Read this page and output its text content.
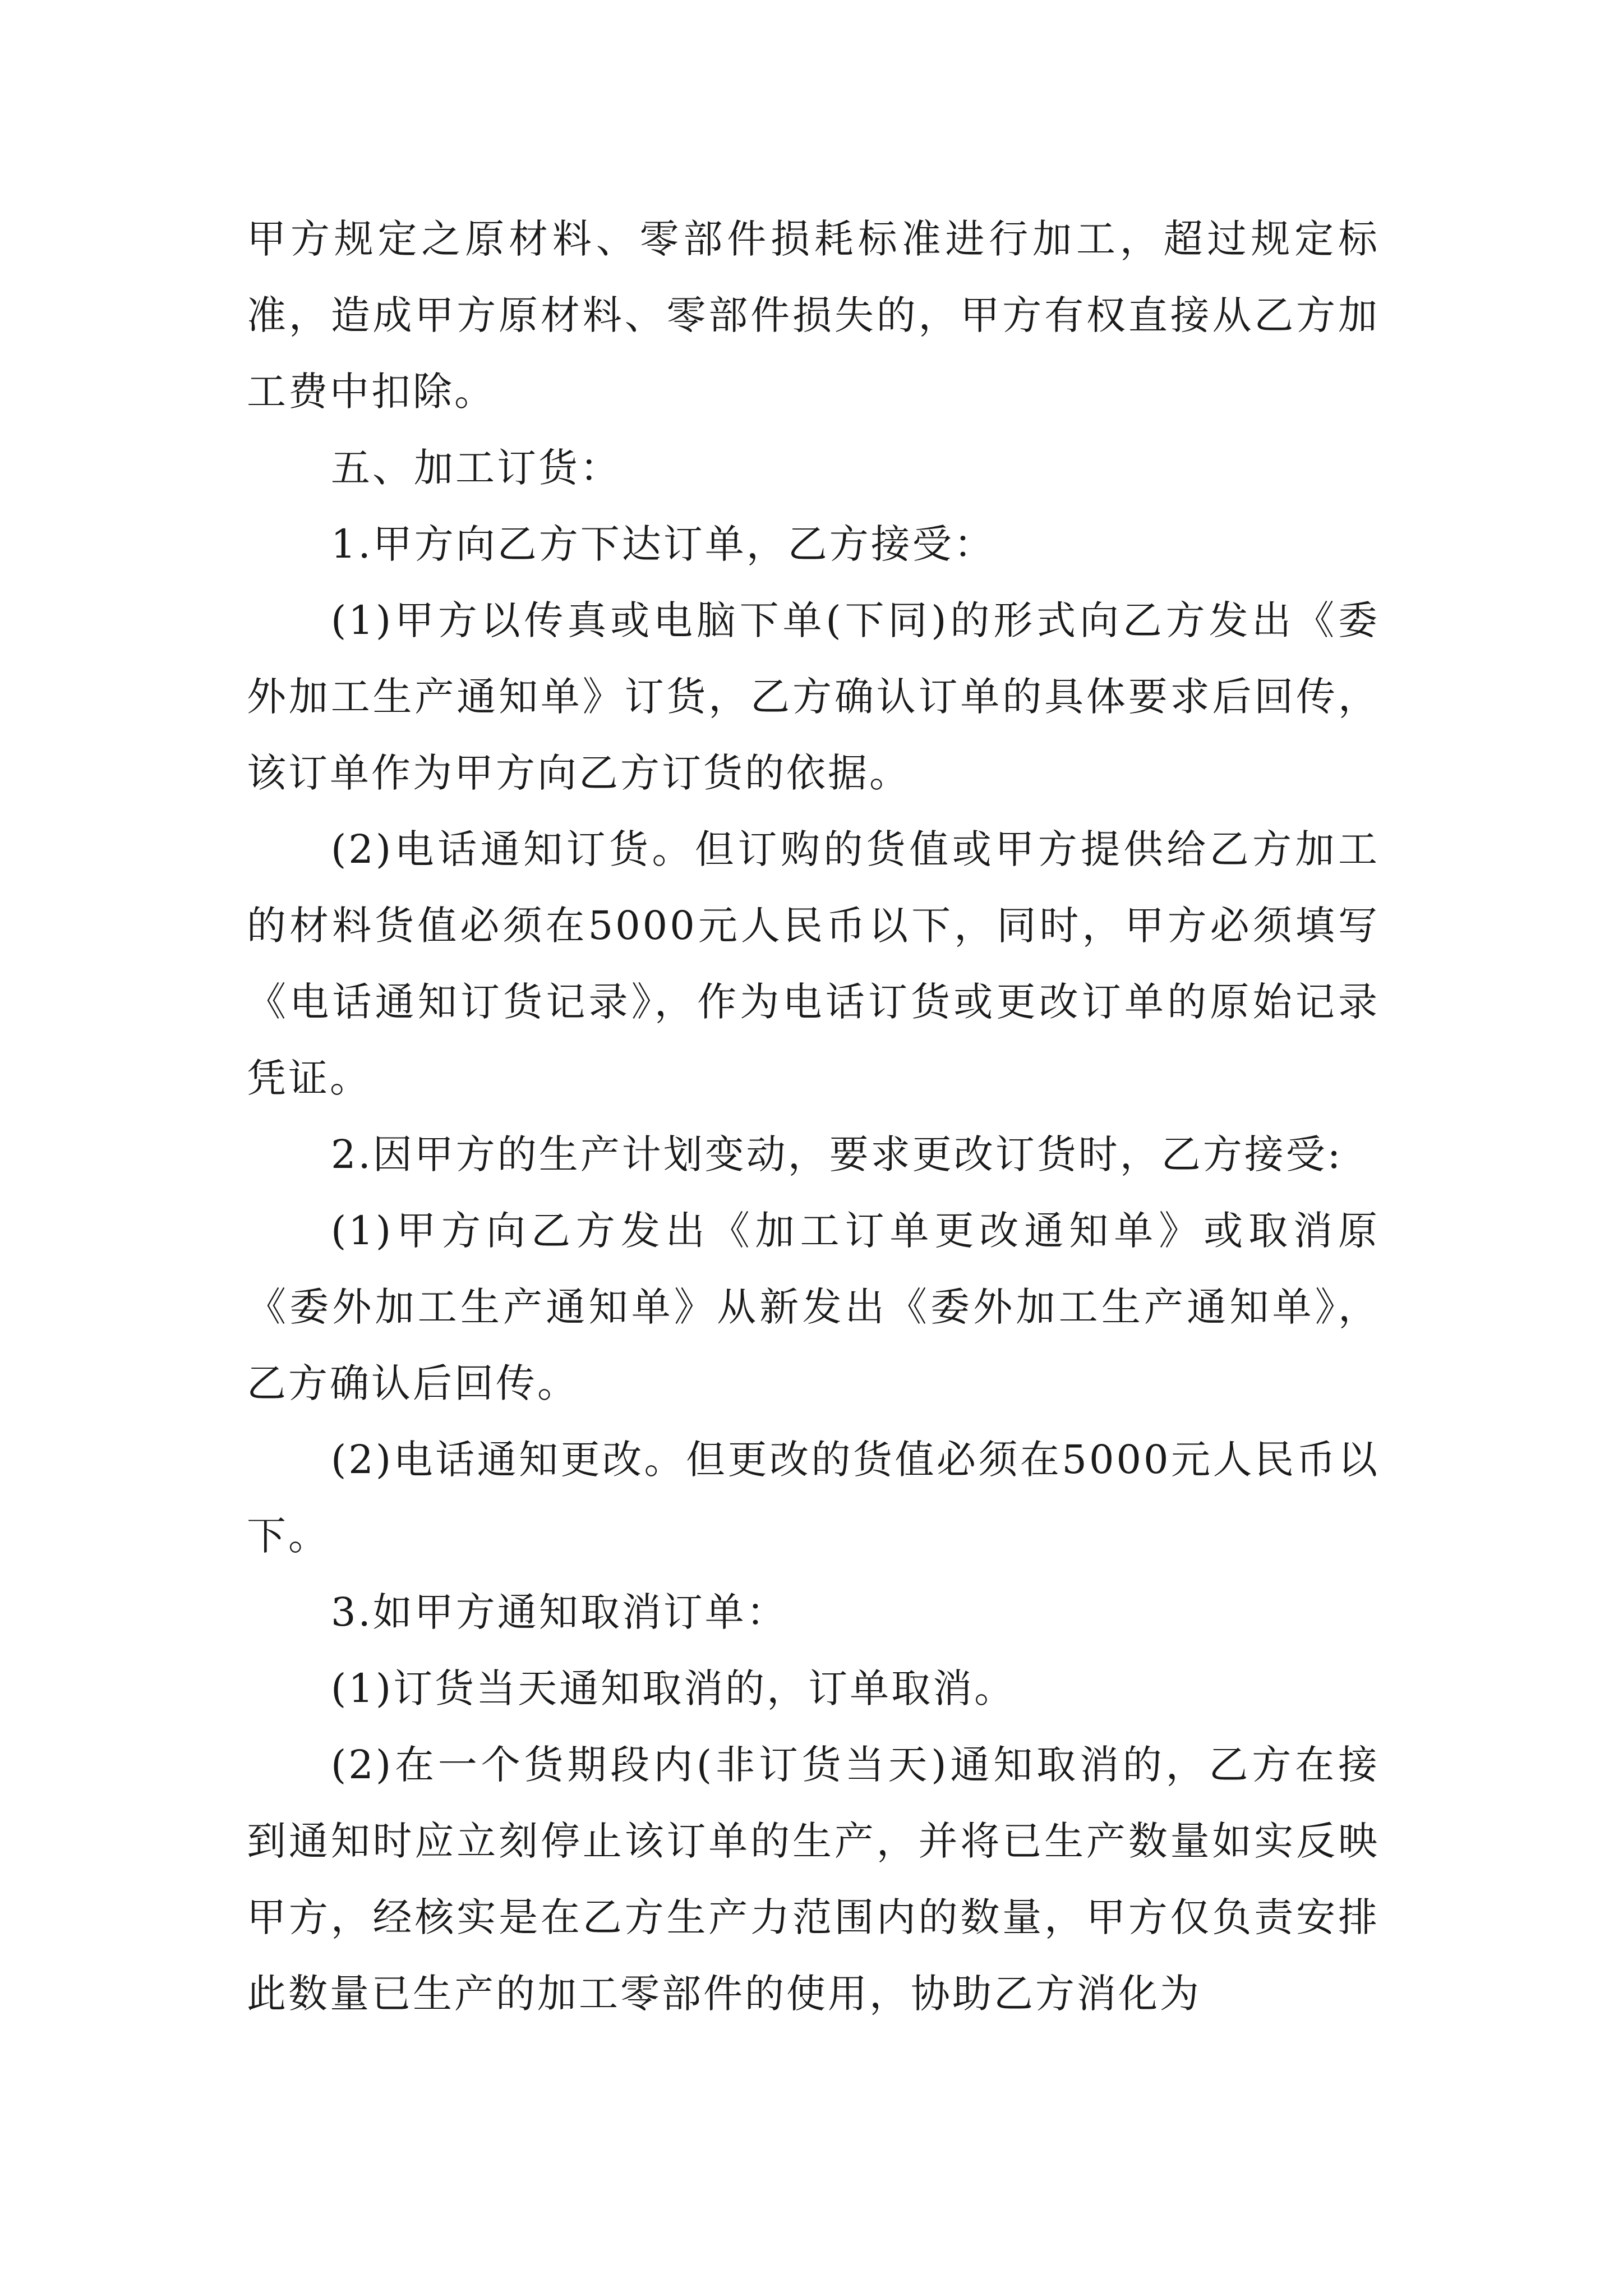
甲方规定之原材料、零部件损耗标准进行加工，超过规定标准，造成甲方原材料、零部件损失的，甲方有权直接从乙方加工费中扣除。

五、加工订货：

1.甲方向乙方下达订单，乙方接受：

(1)甲方以传真或电脑下单(下同)的形式向乙方发出《委外加工生产通知单》订货，乙方确认订单的具体要求后回传，该订单作为甲方向乙方订货的依据。

(2)电话通知订货。但订购的货值或甲方提供给乙方加工的材料货值必须在5000元人民币以下，同时，甲方必须填写《电话通知订货记录》，作为电话订货或更改订单的原始记录凭证。

2.因甲方的生产计划变动，要求更改订货时，乙方接受:

(1)甲方向乙方发出《加工订单更改通知单》或取消原《委外加工生产通知单》从新发出《委外加工生产通知单》，乙方确认后回传。

(2)电话通知更改。但更改的货值必须在5000元人民币以下。

3.如甲方通知取消订单：

(1)订货当天通知取消的，订单取消。

(2)在一个货期段内(非订货当天)通知取消的，乙方在接到通知时应立刻停止该订单的生产，并将已生产数量如实反映甲方，经核实是在乙方生产力范围内的数量，甲方仅负责安排此数量已生产的加工零部件的使用，协助乙方消化为
